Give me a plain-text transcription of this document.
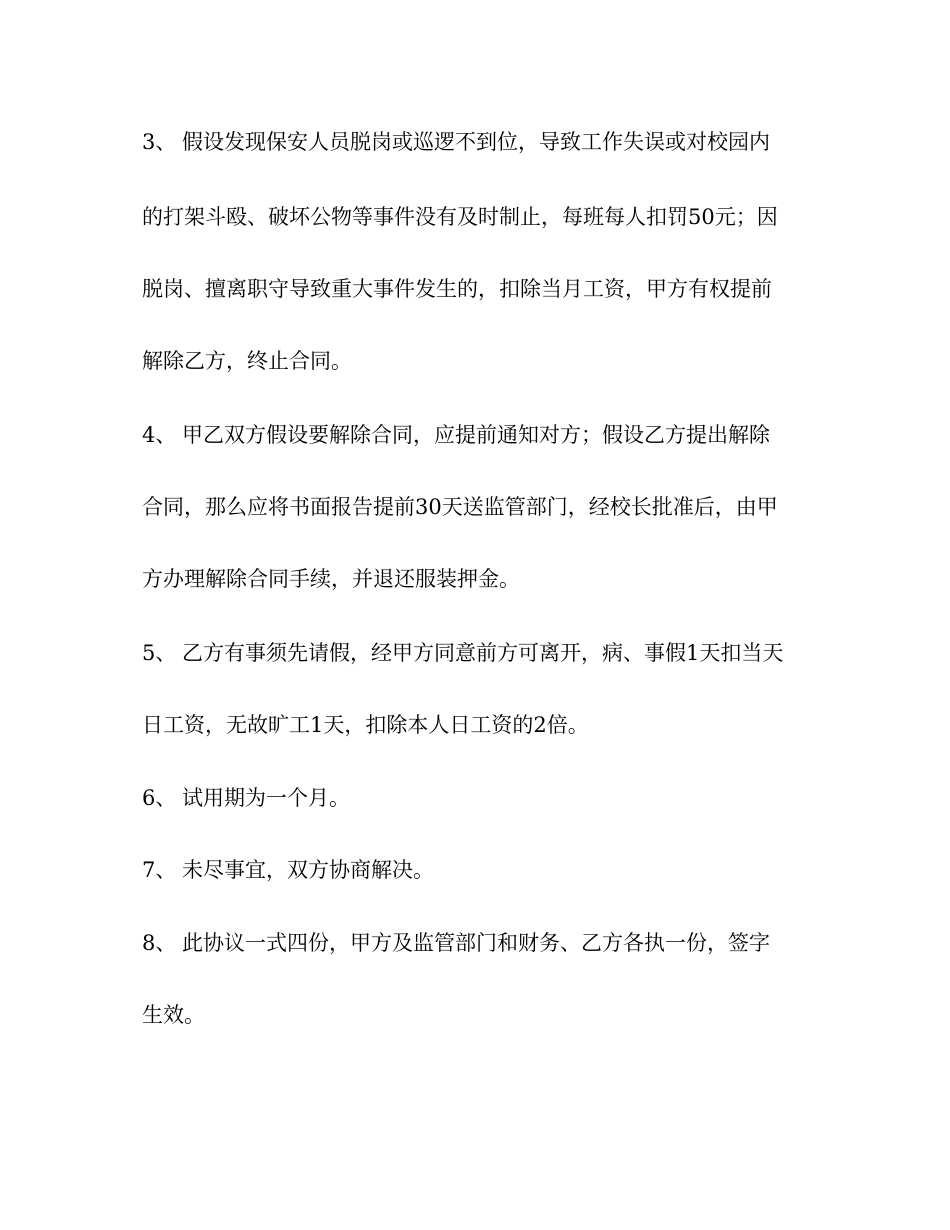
3、 假设发现保安人员脱岗或巡逻不到位，导致工作失误或对校园内
的打架斗殴、破坏公物等事件没有及时制止，每班每人扣罚50元；因
脱岗、擅离职守导致重大事件发生的，扣除当月工资，甲方有权提前
解除乙方，终止合同。
4、 甲乙双方假设要解除合同，应提前通知对方；假设乙方提出解除
合同，那么应将书面报告提前30天送监管部门，经校长批准后，由甲
方办理解除合同手续，并退还服装押金。
5、 乙方有事须先请假，经甲方同意前方可离开，病、事假1天扣当天
日工资，无故旷工1天，扣除本人日工资的2倍。
6、 试用期为一个月。
7、 未尽事宜，双方协商解决。
8、 此协议一式四份，甲方及监管部门和财务、乙方各执一份，签字
生效。
